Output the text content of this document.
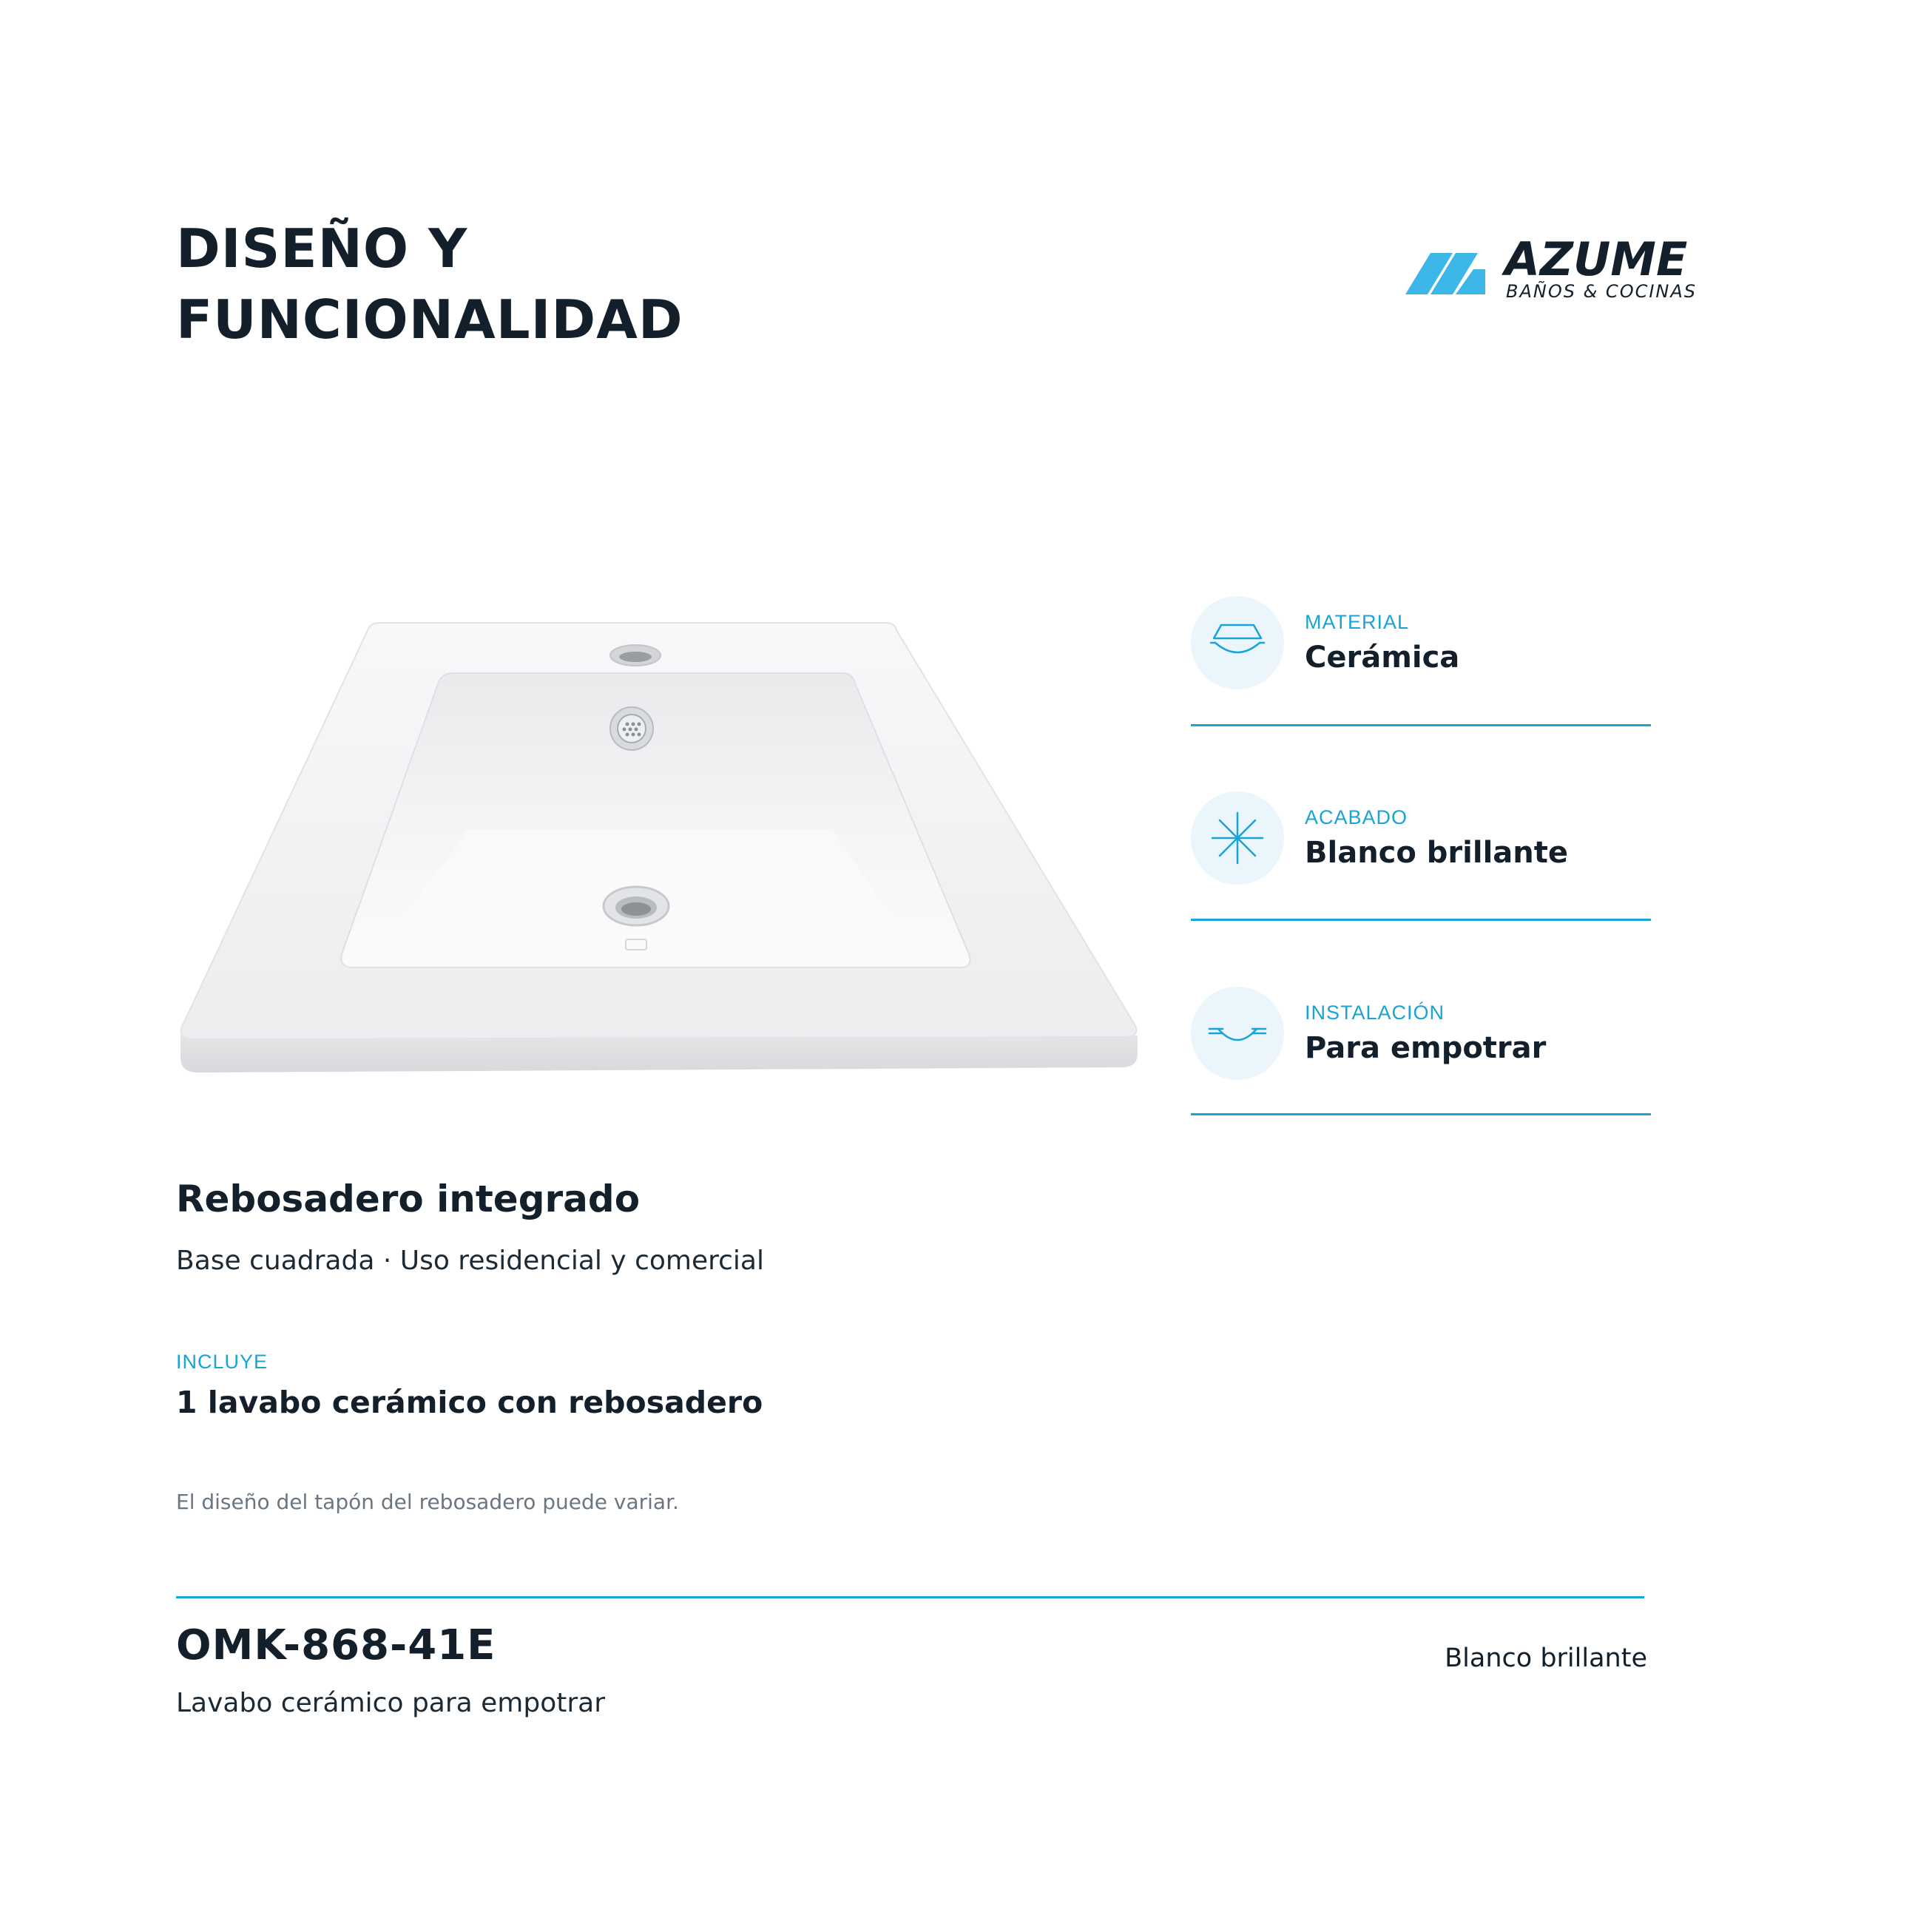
DISEÑO Y
FUNCIONALIDAD
AZUME
BAÑOS & COCINAS
MATERIAL
Cerámica
ACABADO
Blanco brillante
INSTALACIÓN
Para empotrar
Rebosadero integrado
Base cuadrada · Uso residencial y comercial
INCLUYE
1 lavabo cerámico con rebosadero
El diseño del tapón del rebosadero puede variar.
OMK-868-41E
Lavabo cerámico para empotrar
Blanco brillante
